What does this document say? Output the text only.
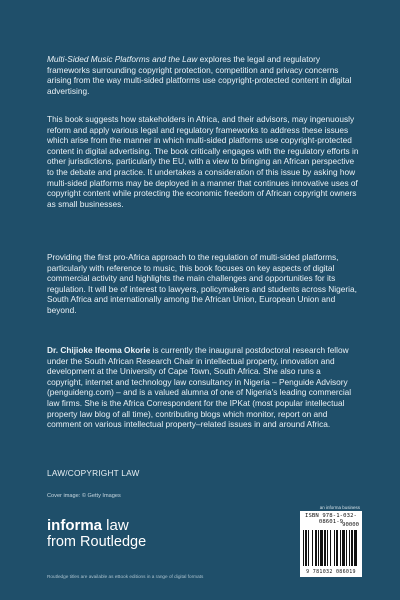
Multi-Sided Music Platforms and the Law explores the legal and regulatory frameworks surrounding copyright protection, competition and privacy concerns arising from the way multi-sided platforms use copyright-protected content in digital advertising.
This book suggests how stakeholders in Africa, and their advisors, may ingenuously reform and apply various legal and regulatory frameworks to address these issues which arise from the manner in which multi-sided platforms use copyright-protected content in digital advertising. The book critically engages with the regulatory efforts in other jurisdictions, particularly the EU, with a view to bringing an African perspective to the debate and practice. It undertakes a consideration of this issue by asking how multi-sided platforms may be deployed in a manner that continues innovative uses of copyright content while protecting the economic freedom of African copyright owners as small businesses.
Providing the first pro-Africa approach to the regulation of multi-sided platforms, particularly with reference to music, this book focuses on key aspects of digital commercial activity and highlights the main challenges and opportunities for its regulation. It will be of interest to lawyers, policymakers and students across Nigeria, South Africa and internationally among the African Union, European Union and beyond.
Dr. Chijioke Ifeoma Okorie is currently the inaugural postdoctoral research fellow under the South African Research Chair in intellectual property, innovation and development at the University of Cape Town, South Africa. She also runs a copyright, internet and technology law consultancy in Nigeria – Penguide Advisory (penguideng.com) – and is a valued alumna of one of Nigeria's leading commercial law firms. She is the Africa Correspondent for the IPKat (most popular intellectual property law blog of all time), contributing blogs which monitor, report on and comment on various intellectual property–related issues in and around Africa.
LAW/COPYRIGHT LAW
Cover image: © Getty Images
informa law
from Routledge
Routledge titles are available as eBook editions in a range of digital formats
an informa business
ISBN 978-1-032-08601-9 90000
9 781032 086019
